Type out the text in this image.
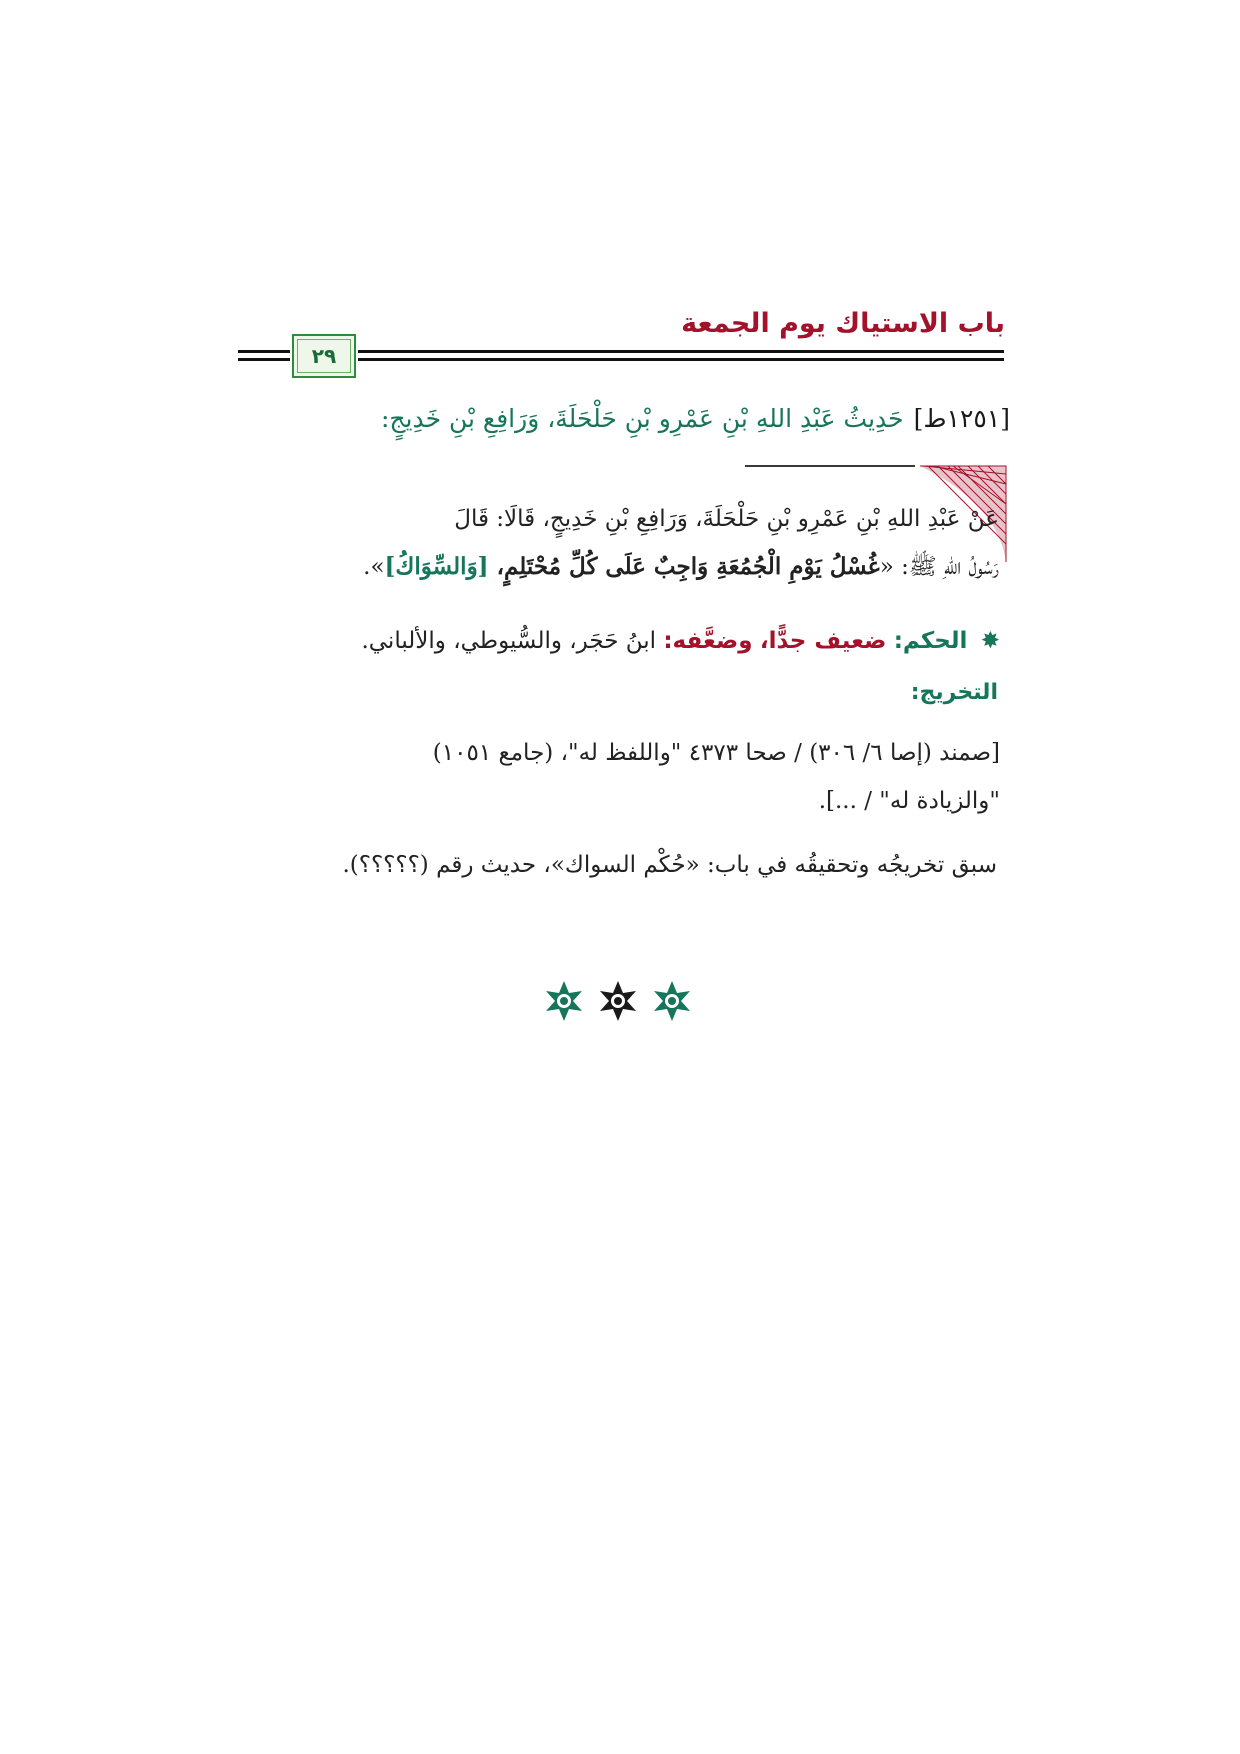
باب الاستياك يوم الجمعة
٢٩
[١٢٥١ط]حَدِيثُ عَبْدِ اللهِ بْنِ عَمْرِو بْنِ حَلْحَلَةَ، وَرَافِعِ بْنِ خَدِيجٍ:
عَنْ عَبْدِ اللهِ بْنِ عَمْرِو بْنِ حَلْحَلَةَ، وَرَافِعِ بْنِ خَدِيجٍ، قَالَا: قَالَ
رَسُولُ اللهِ ﷺ: «غُسْلُ يَوْمِ الْجُمُعَةِ وَاجِبٌ عَلَى كُلِّ مُحْتَلِمٍ، [وَالسِّوَاكُ]».
✸ الحكم: ضعيف جدًّا، وضعَّفه: ابنُ حَجَر، والسُّيوطي، والألباني.
التخريج:
[صمند (إصا ٦/ ٣٠٦) / صحا ٤٣٧٣ "واللفظ له"، (جامع ١٠٥١)
"والزيادة له" / ...].
سبق تخريجُه وتحقيقُه في باب: «حُكْم السواك»، حديث رقم (؟؟؟؟؟).
